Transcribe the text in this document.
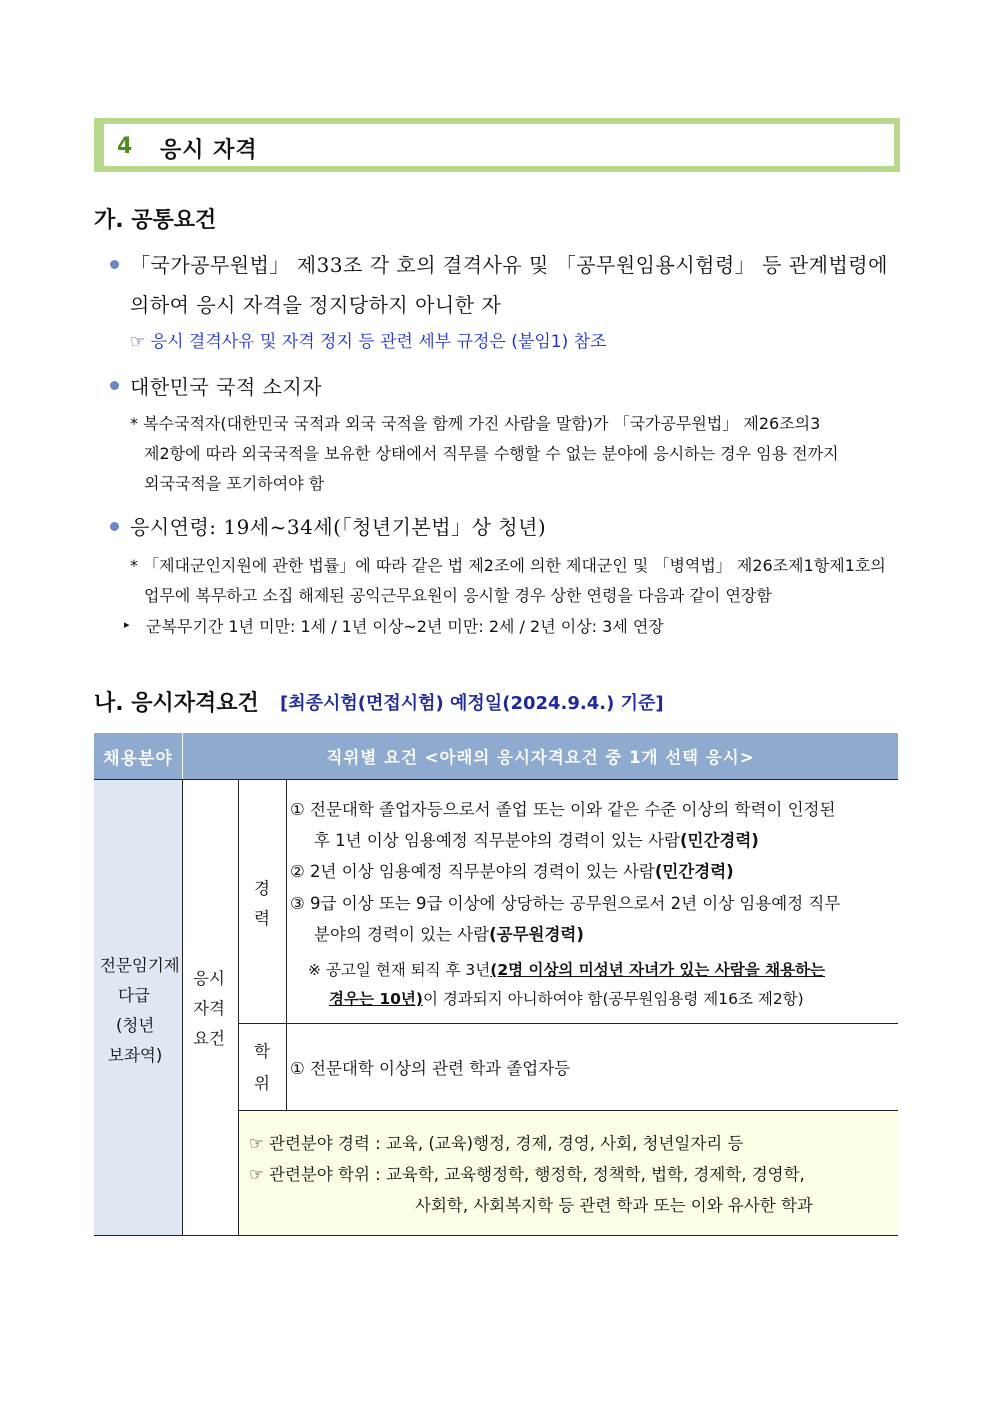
4 응시 자격
가. 공통요건
「국가공무원법」 제33조 각 호의 결격사유 및 「공무원임용시험령」 등 관계법령에
의하여 응시 자격을 정지당하지 아니한 자
☞ 응시 결격사유 및 자격 정지 등 관련 세부 규정은 (붙임1) 참조
대한민국 국적 소지자
* 복수국적자(대한민국 국적과 외국 국적을 함께 가진 사람을 말함)가 「국가공무원법」 제26조의3
제2항에 따라 외국국적을 보유한 상태에서 직무를 수행할 수 없는 분야에 응시하는 경우 임용 전까지
외국국적을 포기하여야 함
응시연령: 19세~34세(「청년기본법」상 청년)
* 「제대군인지원에 관한 법률」에 따라 같은 법 제2조에 의한 제대군인 및 「병역법」 제26조제1항제1호의
업무에 복무하고 소집 해제된 공익근무요원이 응시할 경우 상한 연령을 다음과 같이 연장함
▸ 군복무기간 1년 미만: 1세 / 1년 이상~2년 미만: 2세 / 2년 이상: 3세 연장
나. 응시자격요건 [최종시험(면접시험) 예정일(2024.9.4.) 기준]
채용분야	직위별 요건 <아래의 응시자격요건 중 1개 선택 응시>
전문임기제
다급
(청년
보좌역)
응시
자격
요건
경
력
학
위
① 전문대학 졸업자등으로서 졸업 또는 이와 같은 수준 이상의 학력이 인정된
후 1년 이상 임용예정 직무분야의 경력이 있는 사람(민간경력)
② 2년 이상 임용예정 직무분야의 경력이 있는 사람(민간경력)
③ 9급 이상 또는 9급 이상에 상당하는 공무원으로서 2년 이상 임용예정 직무
분야의 경력이 있는 사람(공무원경력)
※ 공고일 현재 퇴직 후 3년(2명 이상의 미성년 자녀가 있는 사람을 채용하는
경우는 10년)이 경과되지 아니하여야 함(공무원임용령 제16조 제2항)
① 전문대학 이상의 관련 학과 졸업자등
☞ 관련분야 경력 : 교육, (교육)행정, 경제, 경영, 사회, 청년일자리 등
☞ 관련분야 학위 : 교육학, 교육행정학, 행정학, 정책학, 법학, 경제학, 경영학,
사회학, 사회복지학 등 관련 학과 또는 이와 유사한 학과
